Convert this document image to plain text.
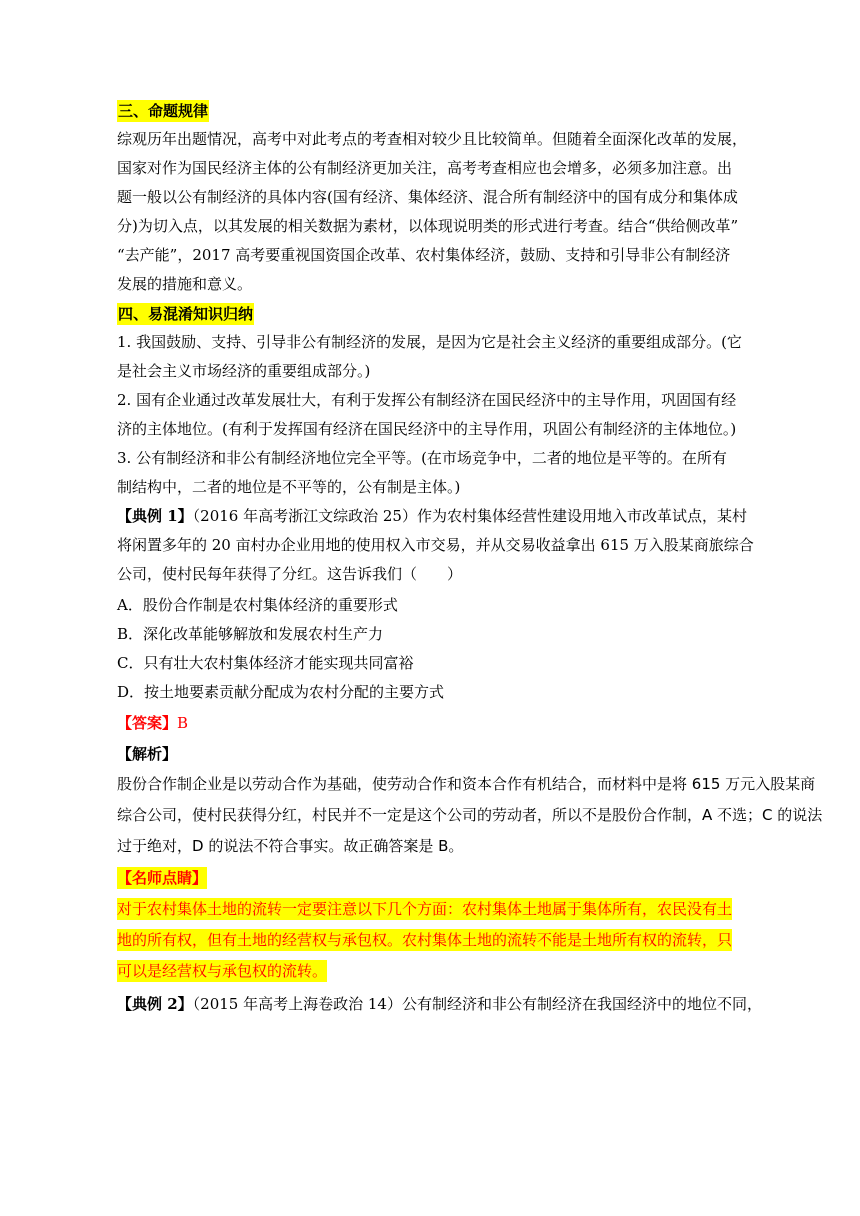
三、命题规律
综观历年出题情况，高考中对此考点的考查相对较少且比较简单。但随着全面深化改革的发展，
国家对作为国民经济主体的公有制经济更加关注，高考考查相应也会增多，必须多加注意。出
题一般以公有制经济的具体内容(国有经济、集体经济、混合所有制经济中的国有成分和集体成
分)为切入点，以其发展的相关数据为素材，以体现说明类的形式进行考查。结合“供给侧改革”
“去产能”，2017 高考要重视国资国企改革、农村集体经济，鼓励、支持和引导非公有制经济
发展的措施和意义。
四、易混淆知识归纳
1. 我国鼓励、支持、引导非公有制经济的发展，是因为它是社会主义经济的重要组成部分。(它
是社会主义市场经济的重要组成部分。)
2. 国有企业通过改革发展壮大，有利于发挥公有制经济在国民经济中的主导作用，巩固国有经
济的主体地位。(有利于发挥国有经济在国民经济中的主导作用，巩固公有制经济的主体地位。)
3. 公有制经济和非公有制经济地位完全平等。(在市场竞争中，二者的地位是平等的。在所有
制结构中，二者的地位是不平等的，公有制是主体。)
【典例 1】（2016 年高考浙江文综政治 25）作为农村集体经营性建设用地入市改革试点，某村
将闲置多年的 20 亩村办企业用地的使用权入市交易，并从交易收益拿出 615 万入股某商旅综合
公司，使村民每年获得了分红。这告诉我们（　　）
A．股份合作制是农村集体经济的重要形式
B．深化改革能够解放和发展农村生产力
C．只有壮大农村集体经济才能实现共同富裕
D．按土地要素贡献分配成为农村分配的主要方式
【答案】B
【解析】
股份合作制企业是以劳动合作为基础，使劳动合作和资本合作有机结合，而材料中是将 615 万元入股某商
综合公司，使村民获得分红，村民并不一定是这个公司的劳动者，所以不是股份合作制，A 不选；C 的说法
过于绝对，D 的说法不符合事实。故正确答案是 B。
【名师点睛】
对于农村集体土地的流转一定要注意以下几个方面：农村集体土地属于集体所有，农民没有土
地的所有权，但有土地的经营权与承包权。农村集体土地的流转不能是土地所有权的流转，只
可以是经营权与承包权的流转。
【典例 2】（2015 年高考上海卷政治 14）公有制经济和非公有制经济在我国经济中的地位不同，
